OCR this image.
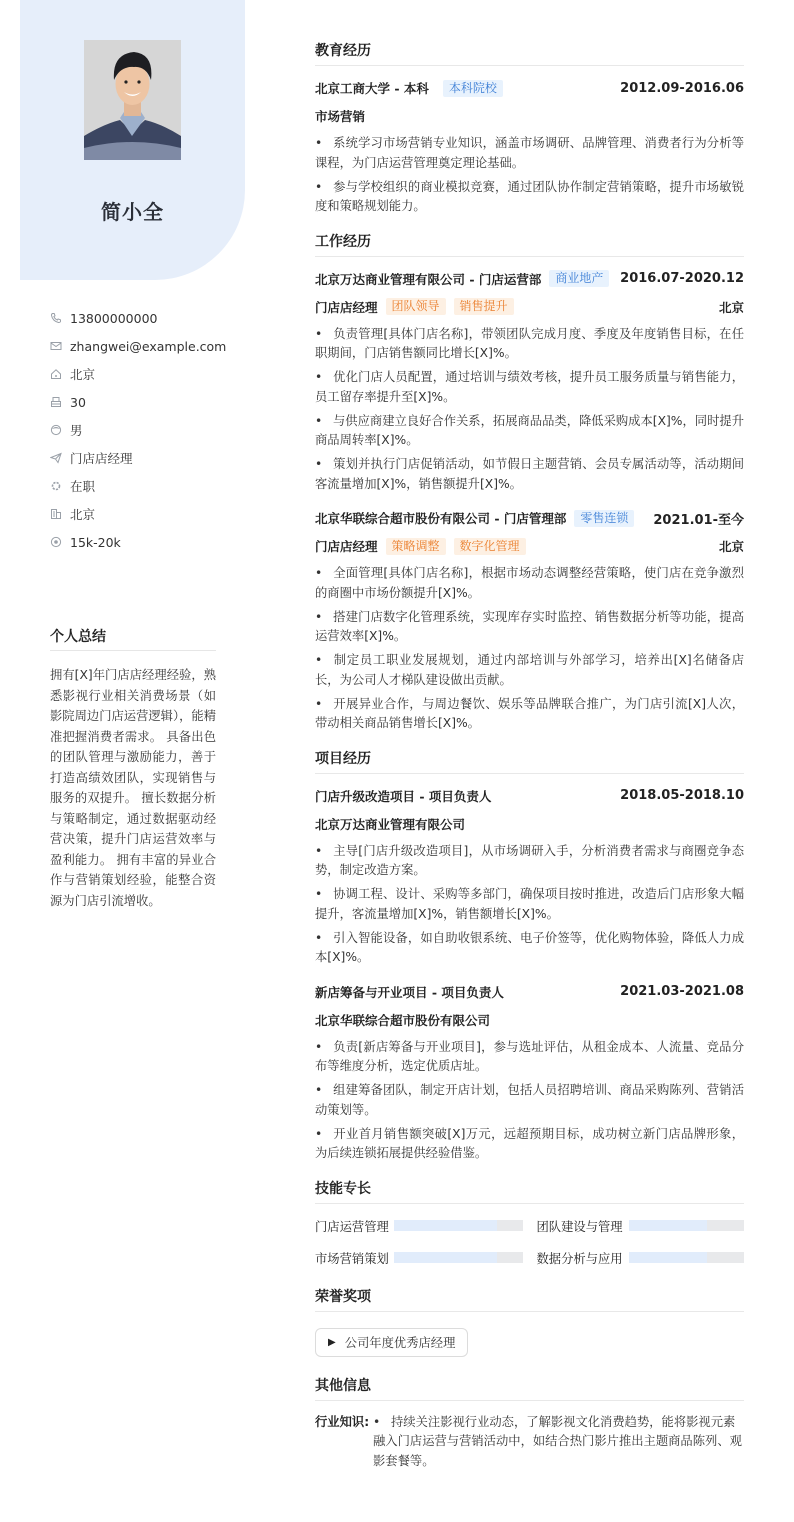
简小全
13800000000
zhangwei@example.com
北京
30
男
门店店经理
在职
北京
15k-20k
个人总结

拥有[X]年门店店经理经验，熟悉影视行业相关消费场景（如影院周边门店运营逻辑），能精准把握消费者需求。 具备出色的团队管理与激励能力，善于打造高绩效团队，实现销售与服务的双提升。 擅长数据分析与策略制定，通过数据驱动经营决策，提升门店运营效率与盈利能力。 拥有丰富的异业合作与营销策划经验，能整合资源为门店引流增收。

教育经历
北京工商大学 - 本科	本科院校	2012.09-2016.06
市场营销
• 系统学习市场营销专业知识，涵盖市场调研、品牌管理、消费者行为分析等课程，为门店运营管理奠定理论基础。
• 参与学校组织的商业模拟竞赛，通过团队协作制定营销策略，提升市场敏锐度和策略规划能力。
工作经历
北京万达商业管理有限公司 - 门店运营部	商业地产	2016.07-2020.12
门店店经理	团队领导	销售提升	北京
• 负责管理[具体门店名称]，带领团队完成月度、季度及年度销售目标，在任职期间，门店销售额同比增长[X]%。
• 优化门店人员配置，通过培训与绩效考核，提升员工服务质量与销售能力，员工留存率提升至[X]%。
• 与供应商建立良好合作关系，拓展商品品类，降低采购成本[X]%，同时提升商品周转率[X]%。
• 策划并执行门店促销活动，如节假日主题营销、会员专属活动等，活动期间客流量增加[X]%，销售额提升[X]%。
北京华联综合超市股份有限公司 - 门店管理部	零售连锁	2021.01-至今
门店店经理	策略调整	数字化管理	北京
• 全面管理[具体门店名称]，根据市场动态调整经营策略，使门店在竞争激烈的商圈中市场份额提升[X]%。
• 搭建门店数字化管理系统，实现库存实时监控、销售数据分析等功能，提高运营效率[X]%。
• 制定员工职业发展规划，通过内部培训与外部学习，培养出[X]名储备店长，为公司人才梯队建设做出贡献。
• 开展异业合作，与周边餐饮、娱乐等品牌联合推广，为门店引流[X]人次，带动相关商品销售增长[X]%。
项目经历
门店升级改造项目 - 项目负责人	2018.05-2018.10
北京万达商业管理有限公司
• 主导[门店升级改造项目]，从市场调研入手，分析消费者需求与商圈竞争态势，制定改造方案。
• 协调工程、设计、采购等多部门，确保项目按时推进，改造后门店形象大幅提升，客流量增加[X]%，销售额增长[X]%。
• 引入智能设备，如自助收银系统、电子价签等，优化购物体验，降低人力成本[X]%。
新店筹备与开业项目 - 项目负责人	2021.03-2021.08
北京华联综合超市股份有限公司
• 负责[新店筹备与开业项目]，参与选址评估，从租金成本、人流量、竞品分布等维度分析，选定优质店址。
• 组建筹备团队，制定开店计划，包括人员招聘培训、商品采购陈列、营销活动策划等。
• 开业首月销售额突破[X]万元，远超预期目标，成功树立新门店品牌形象，为后续连锁拓展提供经验借鉴。
技能专长
门店运营管理	团队建设与管理
市场营销策划	数据分析与应用
荣誉奖项
▶ 公司年度优秀店经理
其他信息
行业知识: • 持续关注影视行业动态，了解影视文化消费趋势，能将影视元素融入门店运营与营销活动中，如结合热门影片推出主题商品陈列、观影套餐等。
